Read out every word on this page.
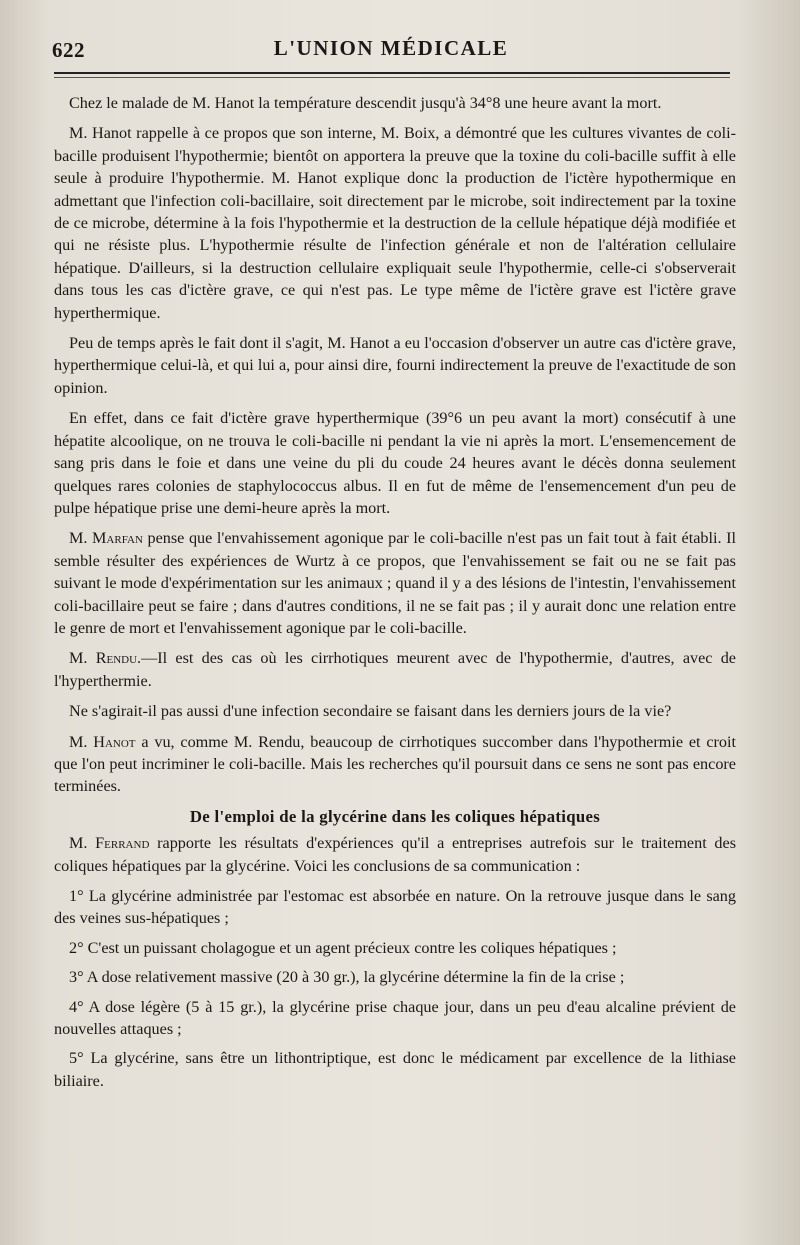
622	L'UNION MÉDICALE

Chez le malade de M. Hanot la température descendit jusqu'à 34°8 une heure avant la mort.

M. Hanot rappelle à ce propos que son interne, M. Boix, a démontré que les cultures vivantes de coli-bacille produisent l'hypothermie; bientôt on apportera la preuve que la toxine du coli-bacille suffit à elle seule à produire l'hypothermie. M. Hanot explique donc la production de l'ictère hypothermique en admettant que l'infection coli-bacillaire, soit directement par le microbe, soit indirectement par la toxine de ce microbe, détermine à la fois l'hypothermie et la destruction de la cellule hépatique déjà modifiée et qui ne résiste plus. L'hypothermie résulte de l'infection générale et non de l'altération cellulaire hépatique. D'ailleurs, si la destruction cellulaire expliquait seule l'hypothermie, celle-ci s'observerait dans tous les cas d'ictère grave, ce qui n'est pas. Le type même de l'ictère grave est l'ictère grave hyperthermique.

Peu de temps après le fait dont il s'agit, M. Hanot a eu l'occasion d'observer un autre cas d'ictère grave, hyperthermique celui-là, et qui lui a, pour ainsi dire, fourni indirectement la preuve de l'exactitude de son opinion.

En effet, dans ce fait d'ictère grave hyperthermique (39°6 un peu avant la mort) consécutif à une hépatite alcoolique, on ne trouva le coli-bacille ni pendant la vie ni après la mort. L'ensemencement de sang pris dans le foie et dans une veine du pli du coude 24 heures avant le décès donna seulement quelques rares colonies de staphylococcus albus. Il en fut de même de l'ensemencement d'un peu de pulpe hépatique prise une demi-heure après la mort.

M. Marfan pense que l'envahissement agonique par le coli-bacille n'est pas un fait tout à fait établi. Il semble résulter des expériences de Wurtz à ce propos, que l'envahissement se fait ou ne se fait pas suivant le mode d'expérimentation sur les animaux ; quand il y a des lésions de l'intestin, l'envahissement coli-bacillaire peut se faire ; dans d'autres conditions, il ne se fait pas ; il y aurait donc une relation entre le genre de mort et l'envahissement agonique par le coli-bacille.

M. Rendu.—Il est des cas où les cirrhotiques meurent avec de l'hypothermie, d'autres, avec de l'hyperthermie.

Ne s'agirait-il pas aussi d'une infection secondaire se faisant dans les derniers jours de la vie?

M. Hanot a vu, comme M. Rendu, beaucoup de cirrhotiques succomber dans l'hypothermie et croit que l'on peut incriminer le coli-bacille. Mais les recherches qu'il poursuit dans ce sens ne sont pas encore terminées.

De l'emploi de la glycérine dans les coliques hépatiques

M. Ferrand rapporte les résultats d'expériences qu'il a entreprises autrefois sur le traitement des coliques hépatiques par la glycérine. Voici les conclusions de sa communication :

1° La glycérine administrée par l'estomac est absorbée en nature. On la retrouve jusque dans le sang des veines sus-hépatiques ;

2° C'est un puissant cholagogue et un agent précieux contre les coliques hépatiques ;

3° A dose relativement massive (20 à 30 gr.), la glycérine détermine la fin de la crise ;

4° A dose légère (5 à 15 gr.), la glycérine prise chaque jour, dans un peu d'eau alcaline prévient de nouvelles attaques ;

5° La glycérine, sans être un lithontriptique, est donc le médicament par excellence de la lithiase biliaire.
